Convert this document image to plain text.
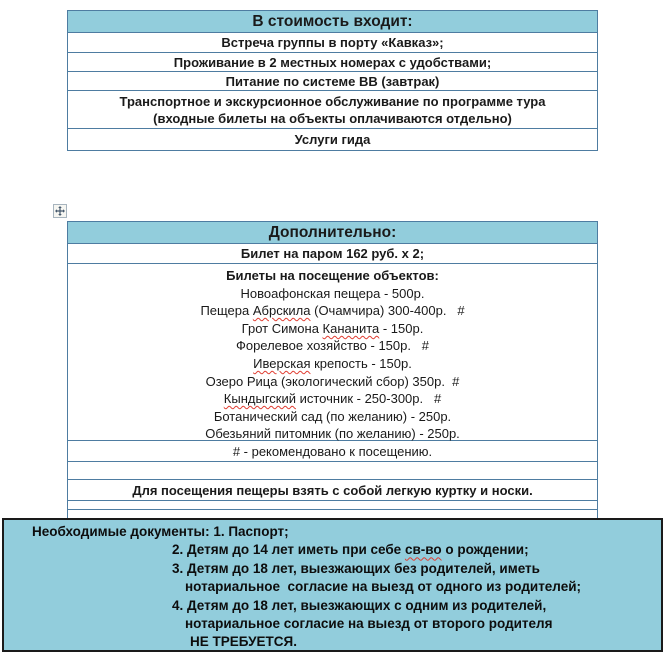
В стоимость входит:
Встреча группы в порту «Кавказ»;
Проживание в 2 местных номерах с удобствами;
Питание по системе BB (завтрак)
Транспортное и экскурсионное обслуживание по программе тура (входные билеты на объекты оплачиваются отдельно)
Услуги гида
Дополнительно:
Билет на паром 162 руб. х 2;
Билеты на посещение объектов:
Новоафонская пещера - 500р.
Пещера Абрскила (Очамчира) 300-400р.   #
Грот Симона Кананита - 150р.
Форелевое хозяйство - 150р.   #
Иверская крепость - 150р.
Озеро Рица (экологический сбор) 350р.  #
Кындыгский источник - 250-300р.   #
Ботанический сад (по желанию) - 250р.
Обезьяний питомник (по желанию) - 250р.
# - рекомендовано к посещению.
Для посещения пещеры взять с собой легкую куртку и носки.
Необходимые документы: 1. Паспорт;
2. Детям до 14 лет иметь при себе св-во о рождении;
3. Детям до 18 лет, выезжающих без родителей, иметь
нотариальное  согласие на выезд от одного из родителей;
4. Детям до 18 лет, выезжающих с одним из родителей,
нотариальное согласие на выезд от второго родителя
НЕ ТРЕБУЕТСЯ.
